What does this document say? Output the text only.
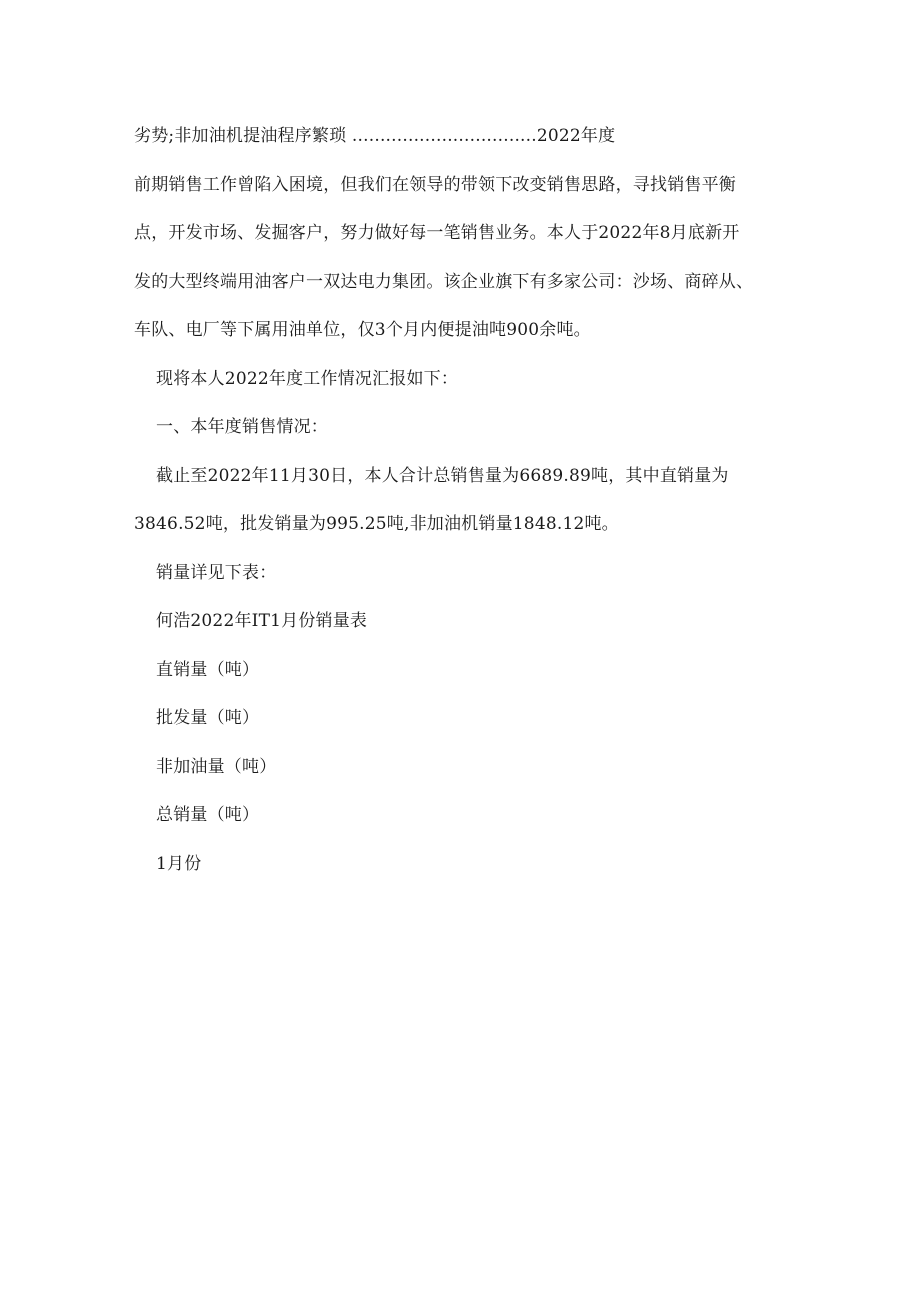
劣势;非加油机提油程序繁琐 .................................2022年度
前期销售工作曾陷入困境，但我们在领导的带领下改变销售思路，寻找销售平衡
点，开发市场、发掘客户，努力做好每一笔销售业务。本人于2022年8月底新开
发的大型终端用油客户一双达电力集团。该企业旗下有多家公司：沙场、商碎从、
车队、电厂等下属用油单位，仅3个月内便提油吨900余吨。
现将本人2022年度工作情况汇报如下：
一、本年度销售情况：
截止至2022年11月30日，本人合计总销售量为6689.89吨，其中直销量为
3846.52吨，批发销量为995.25吨,非加油机销量1848.12吨。
销量详见下表：
何浩2022年IT1月份销量表
直销量（吨）
批发量（吨）
非加油量（吨）
总销量（吨）
1月份
